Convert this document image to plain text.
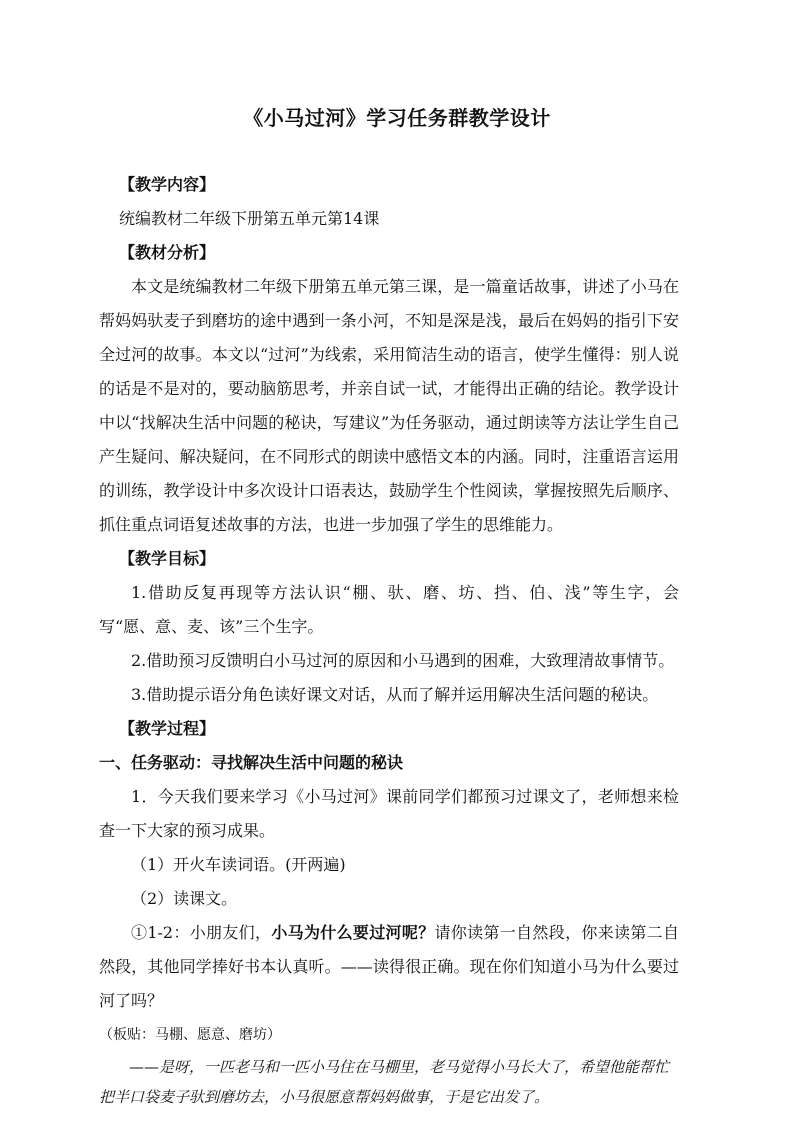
《小马过河》学习任务群教学设计
【教学内容】
统编教材二年级下册第五单元第14课
【教材分析】
本文是统编教材二年级下册第五单元第三课，是一篇童话故事，讲述了小马在帮妈妈驮麦子到磨坊的途中遇到一条小河，不知是深是浅，最后在妈妈的指引下安全过河的故事。本文以“过河”为线索，采用简洁生动的语言，使学生懂得：别人说的话是不是对的，要动脑筋思考，并亲自试一试，才能得出正确的结论。教学设计中以“找解决生活中问题的秘诀，写建议”为任务驱动，通过朗读等方法让学生自己产生疑问、解决疑问，在不同形式的朗读中感悟文本的内涵。同时，注重语言运用的训练，教学设计中多次设计口语表达，鼓励学生个性阅读，掌握按照先后顺序、抓住重点词语复述故事的方法，也进一步加强了学生的思维能力。
【教学目标】
1.借助反复再现等方法认识“棚、驮、磨、坊、挡、伯、浅”等生字，会写“愿、意、麦、该”三个生字。
2.借助预习反馈明白小马过河的原因和小马遇到的困难，大致理清故事情节。
3.借助提示语分角色读好课文对话，从而了解并运用解决生活问题的秘诀。
【教学过程】
一、任务驱动：寻找解决生活中问题的秘诀
1．今天我们要来学习《小马过河》课前同学们都预习过课文了，老师想来检查一下大家的预习成果。
（1）开火车读词语。(开两遍)
（2）读课文。
①1-2：小朋友们，小马为什么要过河呢？请你读第一自然段，你来读第二自然段，其他同学捧好书本认真听。——读得很正确。现在你们知道小马为什么要过河了吗？
（板贴：马棚、愿意、磨坊）
——是呀，一匹老马和一匹小马住在马棚里，老马觉得小马长大了，希望他能帮忙把半口袋麦子驮到磨坊去，小马很愿意帮妈妈做事，于是它出发了。
